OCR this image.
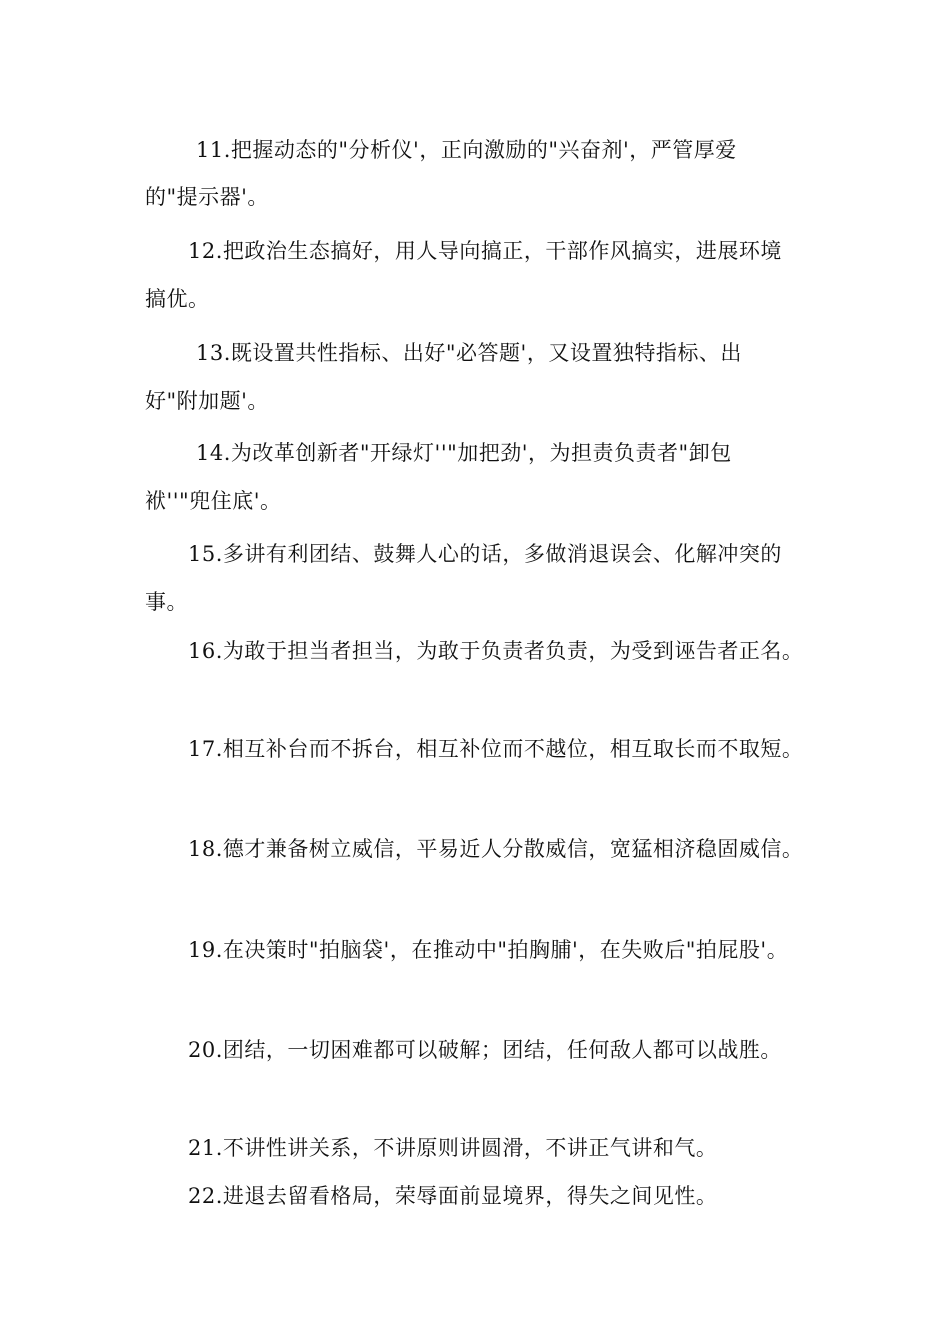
11.把握动态的"分析仪'，正向激励的"兴奋剂'，严管厚爱
的"提示器'。
12.把政治生态搞好，用人导向搞正，干部作风搞实，进展环境
搞优。
13.既设置共性指标、出好"必答题'，又设置独特指标、出
好"附加题'。
14.为改革创新者"开绿灯''"加把劲'，为担责负责者"卸包
袱''"兜住底'。
15.多讲有利团结、鼓舞人心的话，多做消退误会、化解冲突的
事。
16.为敢于担当者担当，为敢于负责者负责，为受到诬告者正名。
17.相互补台而不拆台，相互补位而不越位，相互取长而不取短。
18.德才兼备树立威信，平易近人分散威信，宽猛相济稳固威信。
19.在决策时"拍脑袋'，在推动中"拍胸脯'，在失败后"拍屁股'。
20.团结，一切困难都可以破解；团结，任何敌人都可以战胜。
21.不讲性讲关系，不讲原则讲圆滑，不讲正气讲和气。
22.进退去留看格局，荣辱面前显境界，得失之间见性。
